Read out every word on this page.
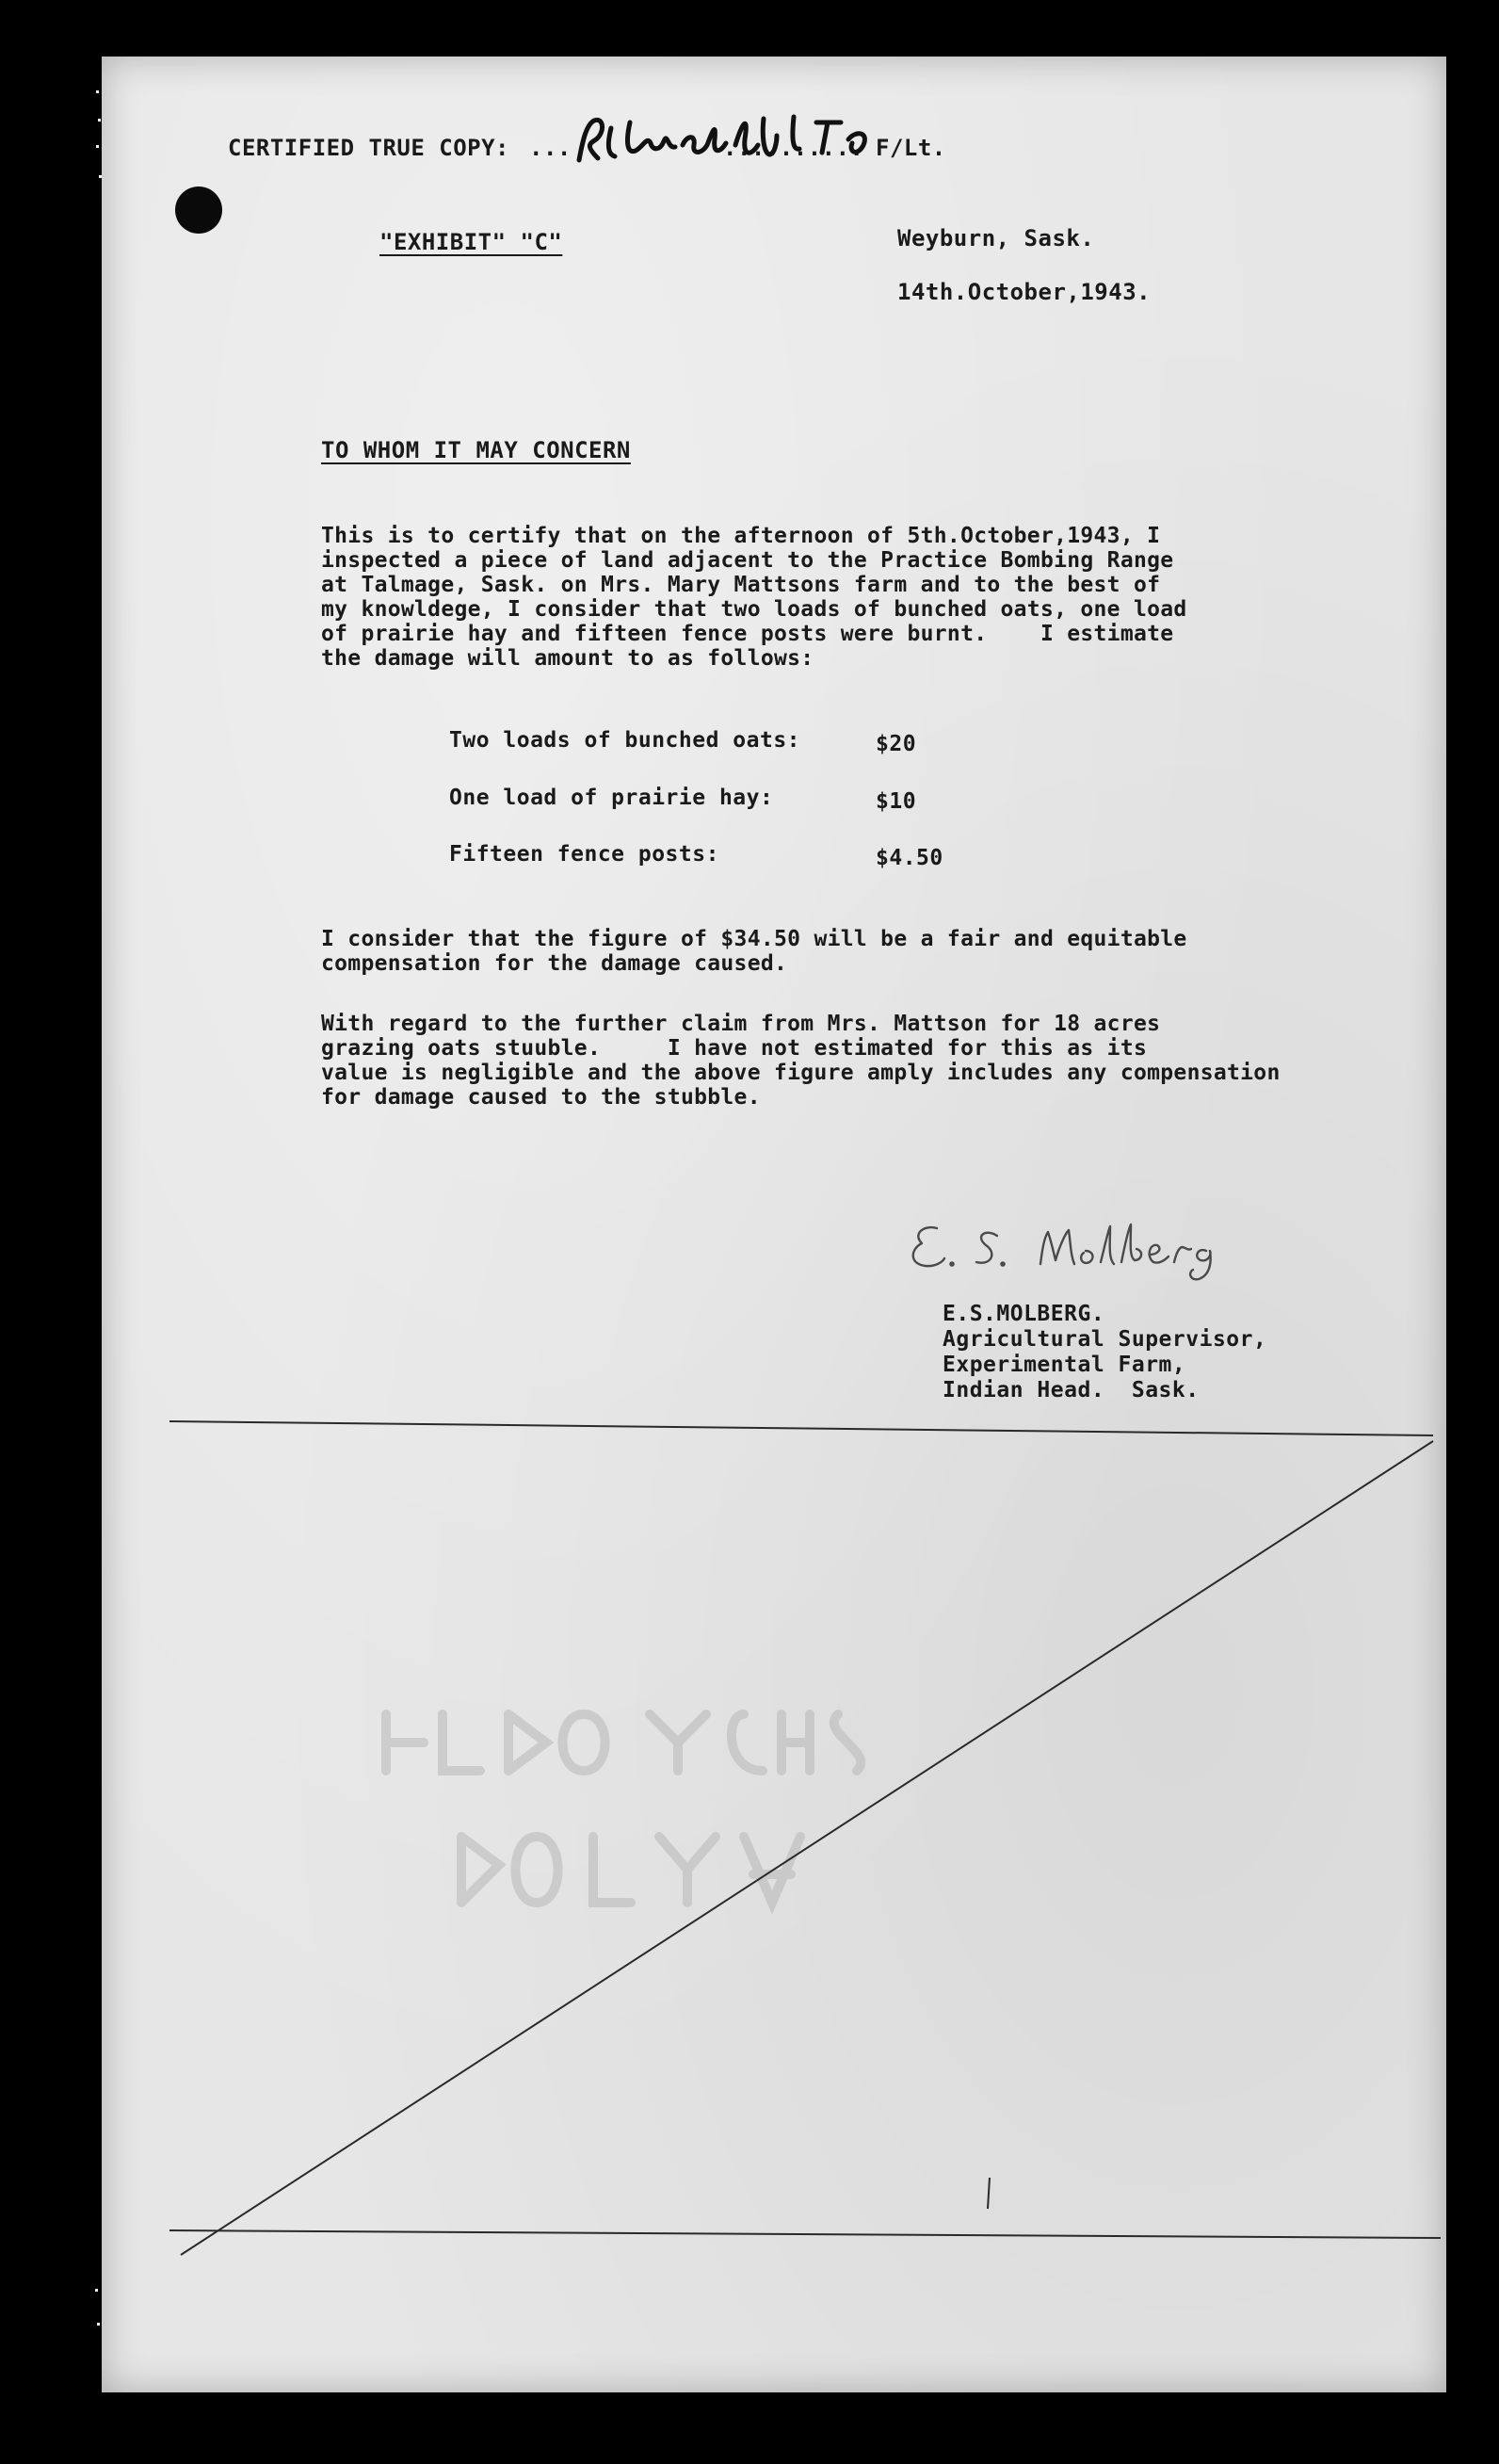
CERTIFIED TRUE COPY: ...	.......... F/Lt.
"EXHIBIT" "C"	Weyburn, Sask.
14th.October,1943.
TO WHOM IT MAY CONCERN
This is to certify that on the afternoon of 5th.October,1943, I
inspected a piece of land adjacent to the Practice Bombing Range
at Talmage, Sask. on Mrs. Mary Mattsons farm and to the best of
my knowldege, I consider that two loads of bunched oats, one load
of prairie hay and fifteen fence posts were burnt.    I estimate
the damage will amount to as follows:
Two loads of bunched oats:	$20
One load of prairie hay:	$10
Fifteen fence posts:	$4.50
I consider that the figure of $34.50 will be a fair and equitable
compensation for the damage caused.
With regard to the further claim from Mrs. Mattson for 18 acres
grazing oats stuuble.     I have not estimated for this as its
value is negligible and the above figure amply includes any compensation
for damage caused to the stubble.
E.S.MOLBERG.
Agricultural Supervisor,
Experimental Farm,
Indian Head.  Sask.
